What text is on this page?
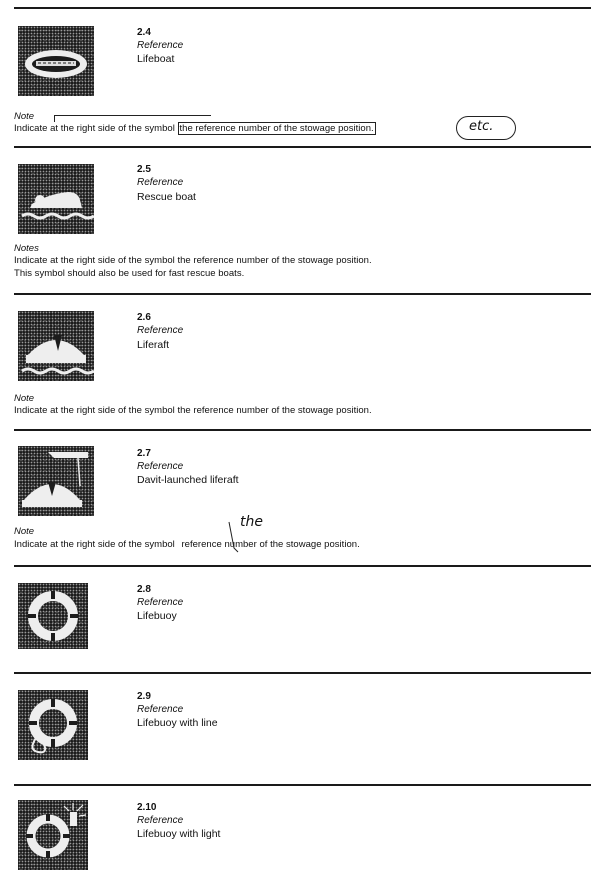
2.4
Reference
Lifeboat
Note
Indicate at the right side of the symbol the reference number of the stowage position.	etc.
2.5
Reference
Rescue boat
Notes
Indicate at the right side of the symbol the reference number of the stowage position.
This symbol should also be used for fast rescue boats.
2.6
Reference
Liferaft
Note
Indicate at the right side of the symbol the reference number of the stowage position.
2.7
Reference
Davit-launched liferaft
Note
Indicate at the right side of the symbol reference number of the stowage position.
the
2.8
Reference
Lifebuoy
2.9
Reference
Lifebuoy with line
2.10
Reference
Lifebuoy with light
